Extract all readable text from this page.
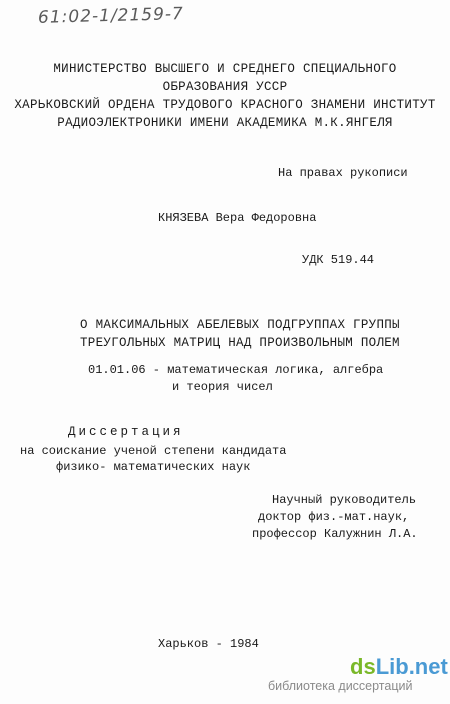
61:02-1/2159-7
МИНИСТЕРСТВО ВЫСШЕГО И СРЕДНЕГО СПЕЦИАЛЬНОГО
ОБРАЗОВАНИЯ УССР
ХАРЬКОВСКИЙ ОРДЕНА ТРУДОВОГО КРАСНОГО ЗНАМЕНИ ИНСТИТУТ
РАДИОЭЛЕКТРОНИКИ ИМЕНИ АКАДЕМИКА М.К.ЯНГЕЛЯ
На правах рукописи
КНЯЗЕВА Вера Федоровна
УДК 519.44
О МАКСИМАЛЬНЫХ АБЕЛЕВЫХ ПОДГРУППАХ ГРУППЫ
ТРЕУГОЛЬНЫХ МАТРИЦ НАД ПРОИЗВОЛЬНЫМ ПОЛЕМ
01.01.06 - математическая логика, алгебра
и теория чисел
Диссертация
на соискание ученой степени кандидата
физико- математических наук
Научный руководитель
доктор физ.-мат.наук,
профессор Калужнин Л.А.
Харьков - 1984
dsLib.net
библиотека диссертаций
